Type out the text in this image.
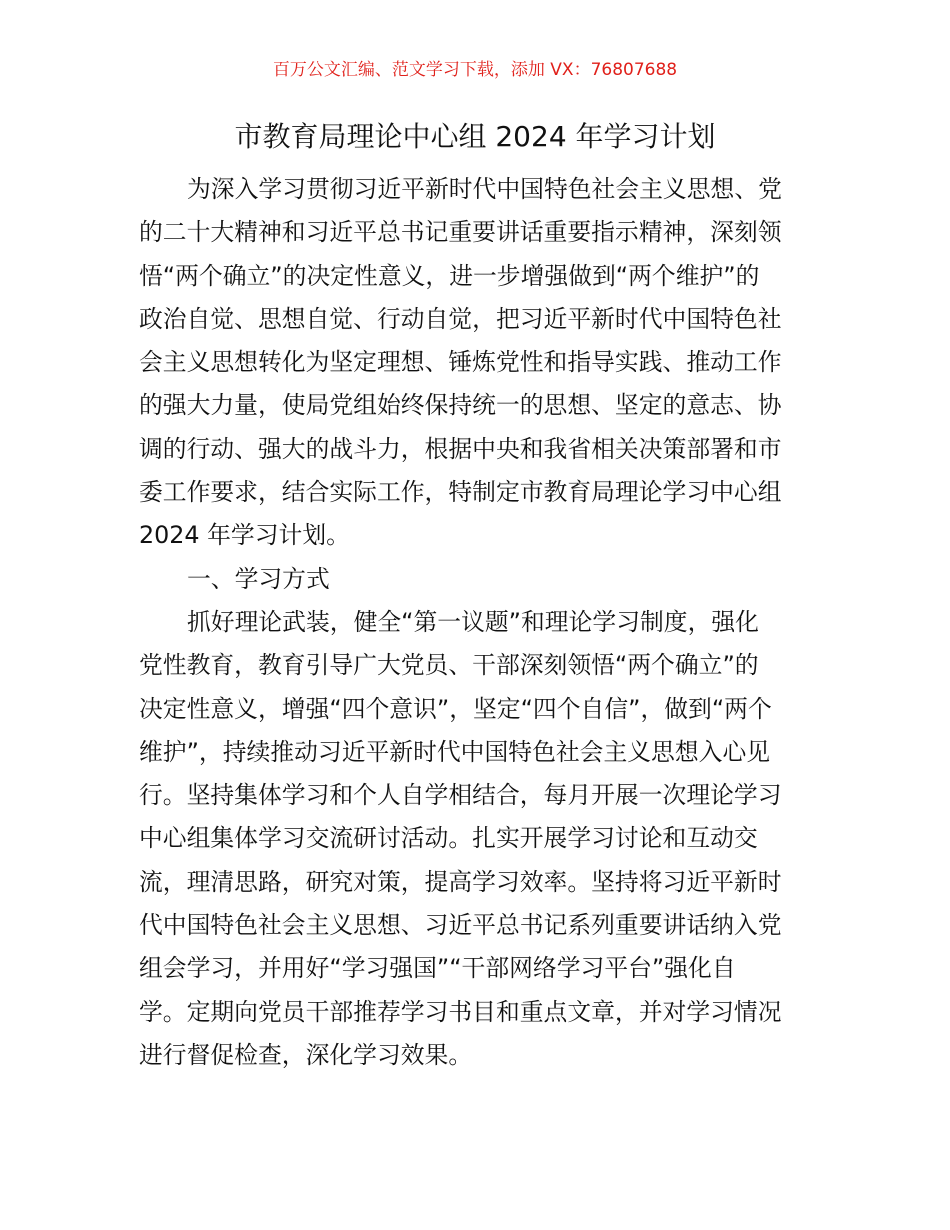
百万公文汇编、范文学习下载，添加 VX：76807688
市教育局理论中心组 2024 年学习计划
为深入学习贯彻习近平新时代中国特色社会主义思想、党
的二十大精神和习近平总书记重要讲话重要指示精神，深刻领
悟“两个确立”的决定性意义，进一步增强做到“两个维护”的
政治自觉、思想自觉、行动自觉，把习近平新时代中国特色社
会主义思想转化为坚定理想、锤炼党性和指导实践、推动工作
的强大力量，使局党组始终保持统一的思想、坚定的意志、协
调的行动、强大的战斗力，根据中央和我省相关决策部署和市
委工作要求，结合实际工作，特制定市教育局理论学习中心组
2024 年学习计划。
一、学习方式
抓好理论武装，健全“第一议题”和理论学习制度，强化
党性教育，教育引导广大党员、干部深刻领悟“两个确立”的
决定性意义，增强“四个意识”，坚定“四个自信”，做到“两个
维护”，持续推动习近平新时代中国特色社会主义思想入心见
行。坚持集体学习和个人自学相结合，每月开展一次理论学习
中心组集体学习交流研讨活动。扎实开展学习讨论和互动交
流，理清思路，研究对策，提高学习效率。坚持将习近平新时
代中国特色社会主义思想、习近平总书记系列重要讲话纳入党
组会学习，并用好“学习强国”“干部网络学习平台”强化自
学。定期向党员干部推荐学习书目和重点文章，并对学习情况
进行督促检查，深化学习效果。
